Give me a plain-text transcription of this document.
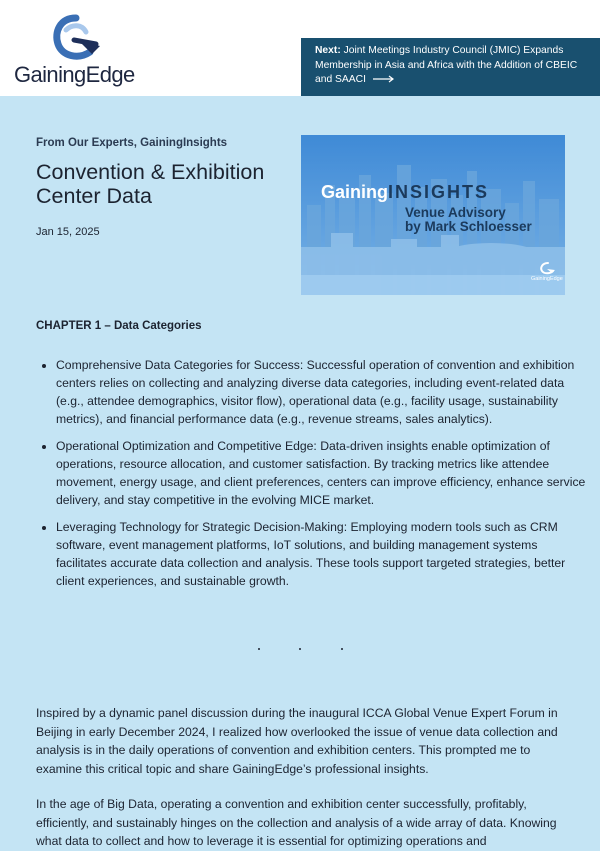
GainingEdge
Next: Joint Meetings Industry Council (JMIC) Expands Membership in Asia and Africa with the Addition of CBEIC and SAACI
From Our Experts, GainingInsights
Convention & Exhibition Center Data
Jan 15, 2025
GainingINSIGHTS
Venue Advisory
by Mark Schloesser
GainingEdge
CHAPTER 1 – Data Categories
• Comprehensive Data Categories for Success: Successful operation of convention and exhibition centers relies on collecting and analyzing diverse data categories, including event-related data (e.g., attendee demographics, visitor flow), operational data (e.g., facility usage, sustainability metrics), and financial performance data (e.g., revenue streams, sales analytics).
• Operational Optimization and Competitive Edge: Data-driven insights enable optimization of operations, resource allocation, and customer satisfaction. By tracking metrics like attendee movement, energy usage, and client preferences, centers can improve efficiency, enhance service delivery, and stay competitive in the evolving MICE market.
• Leveraging Technology for Strategic Decision-Making: Employing modern tools such as CRM software, event management platforms, IoT solutions, and building management systems facilitates accurate data collection and analysis. These tools support targeted strategies, better client experiences, and sustainable growth.

Inspired by a dynamic panel discussion during the inaugural ICCA Global Venue Expert Forum in Beijing in early December 2024, I realized how overlooked the issue of venue data collection and analysis is in the daily operations of convention and exhibition centers. This prompted me to examine this critical topic and share GainingEdge’s professional insights.

In the age of Big Data, operating a convention and exhibition center successfully, profitably, efficiently, and sustainably hinges on the collection and analysis of a wide array of data. Knowing what data to collect and how to leverage it is essential for optimizing operations and
